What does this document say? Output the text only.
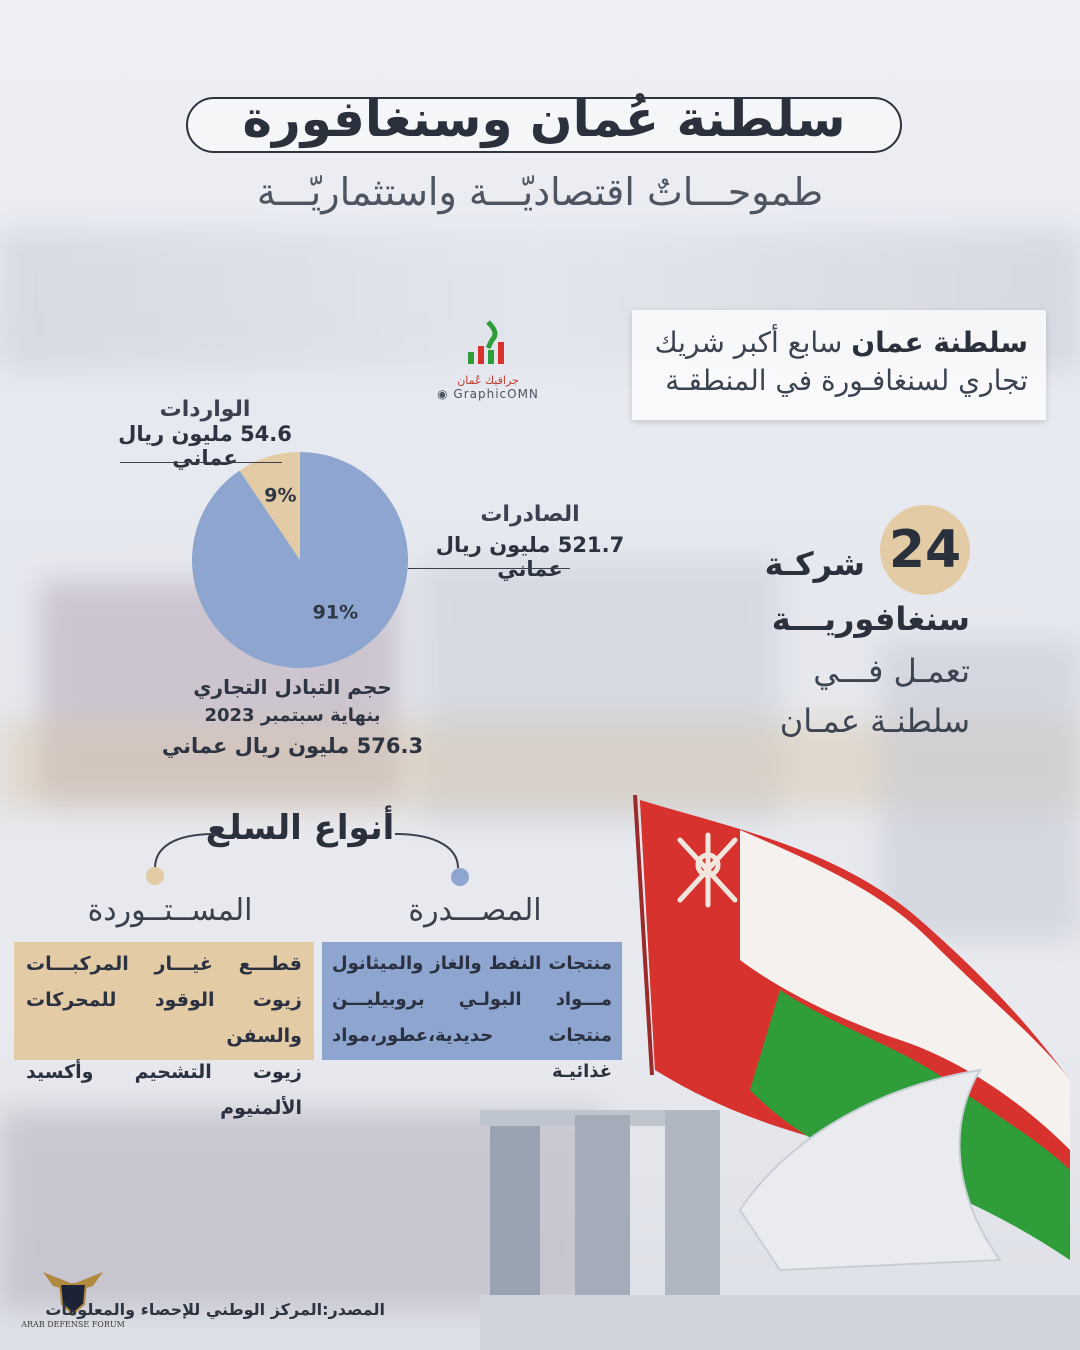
سلطنة عُمان وسنغافورة
طموحـــاتٌ اقتصاديّـــة واستثماريّـــة
جرافيك عُمان
◉ GraphicOMN
سلطنة عمان سابع أكبر شريك
تجاري لسنغافـورة في المنطقـة
9%
91%
الواردات
54.6 مليون ريال عماني
الصادرات
521.7 مليون ريال عماني
حجم التبادل التجاري
بنهاية سبتمبر 2023
576.3 مليون ريال عماني
24
شركـة
سنغافوريـــة
تعمـل فـــي
سلطنـة عمـان
أنواع السلع
المســتــوردة	المصـــدرة
قطـــع غيـــار المركبـــات
زيوت الوقود للمحركات والسفن
زيوت التشحيم وأكسيد الألمنيوم
منتجات النفط والغاز والميثانول
مـــواد البولـي بروبيليـــن
منتجات حديدية،عطور،مواد غذائيـة
ARAB DEFENSE FORUM
المصدر:المركز الوطني للإحصاء والمعلومات
